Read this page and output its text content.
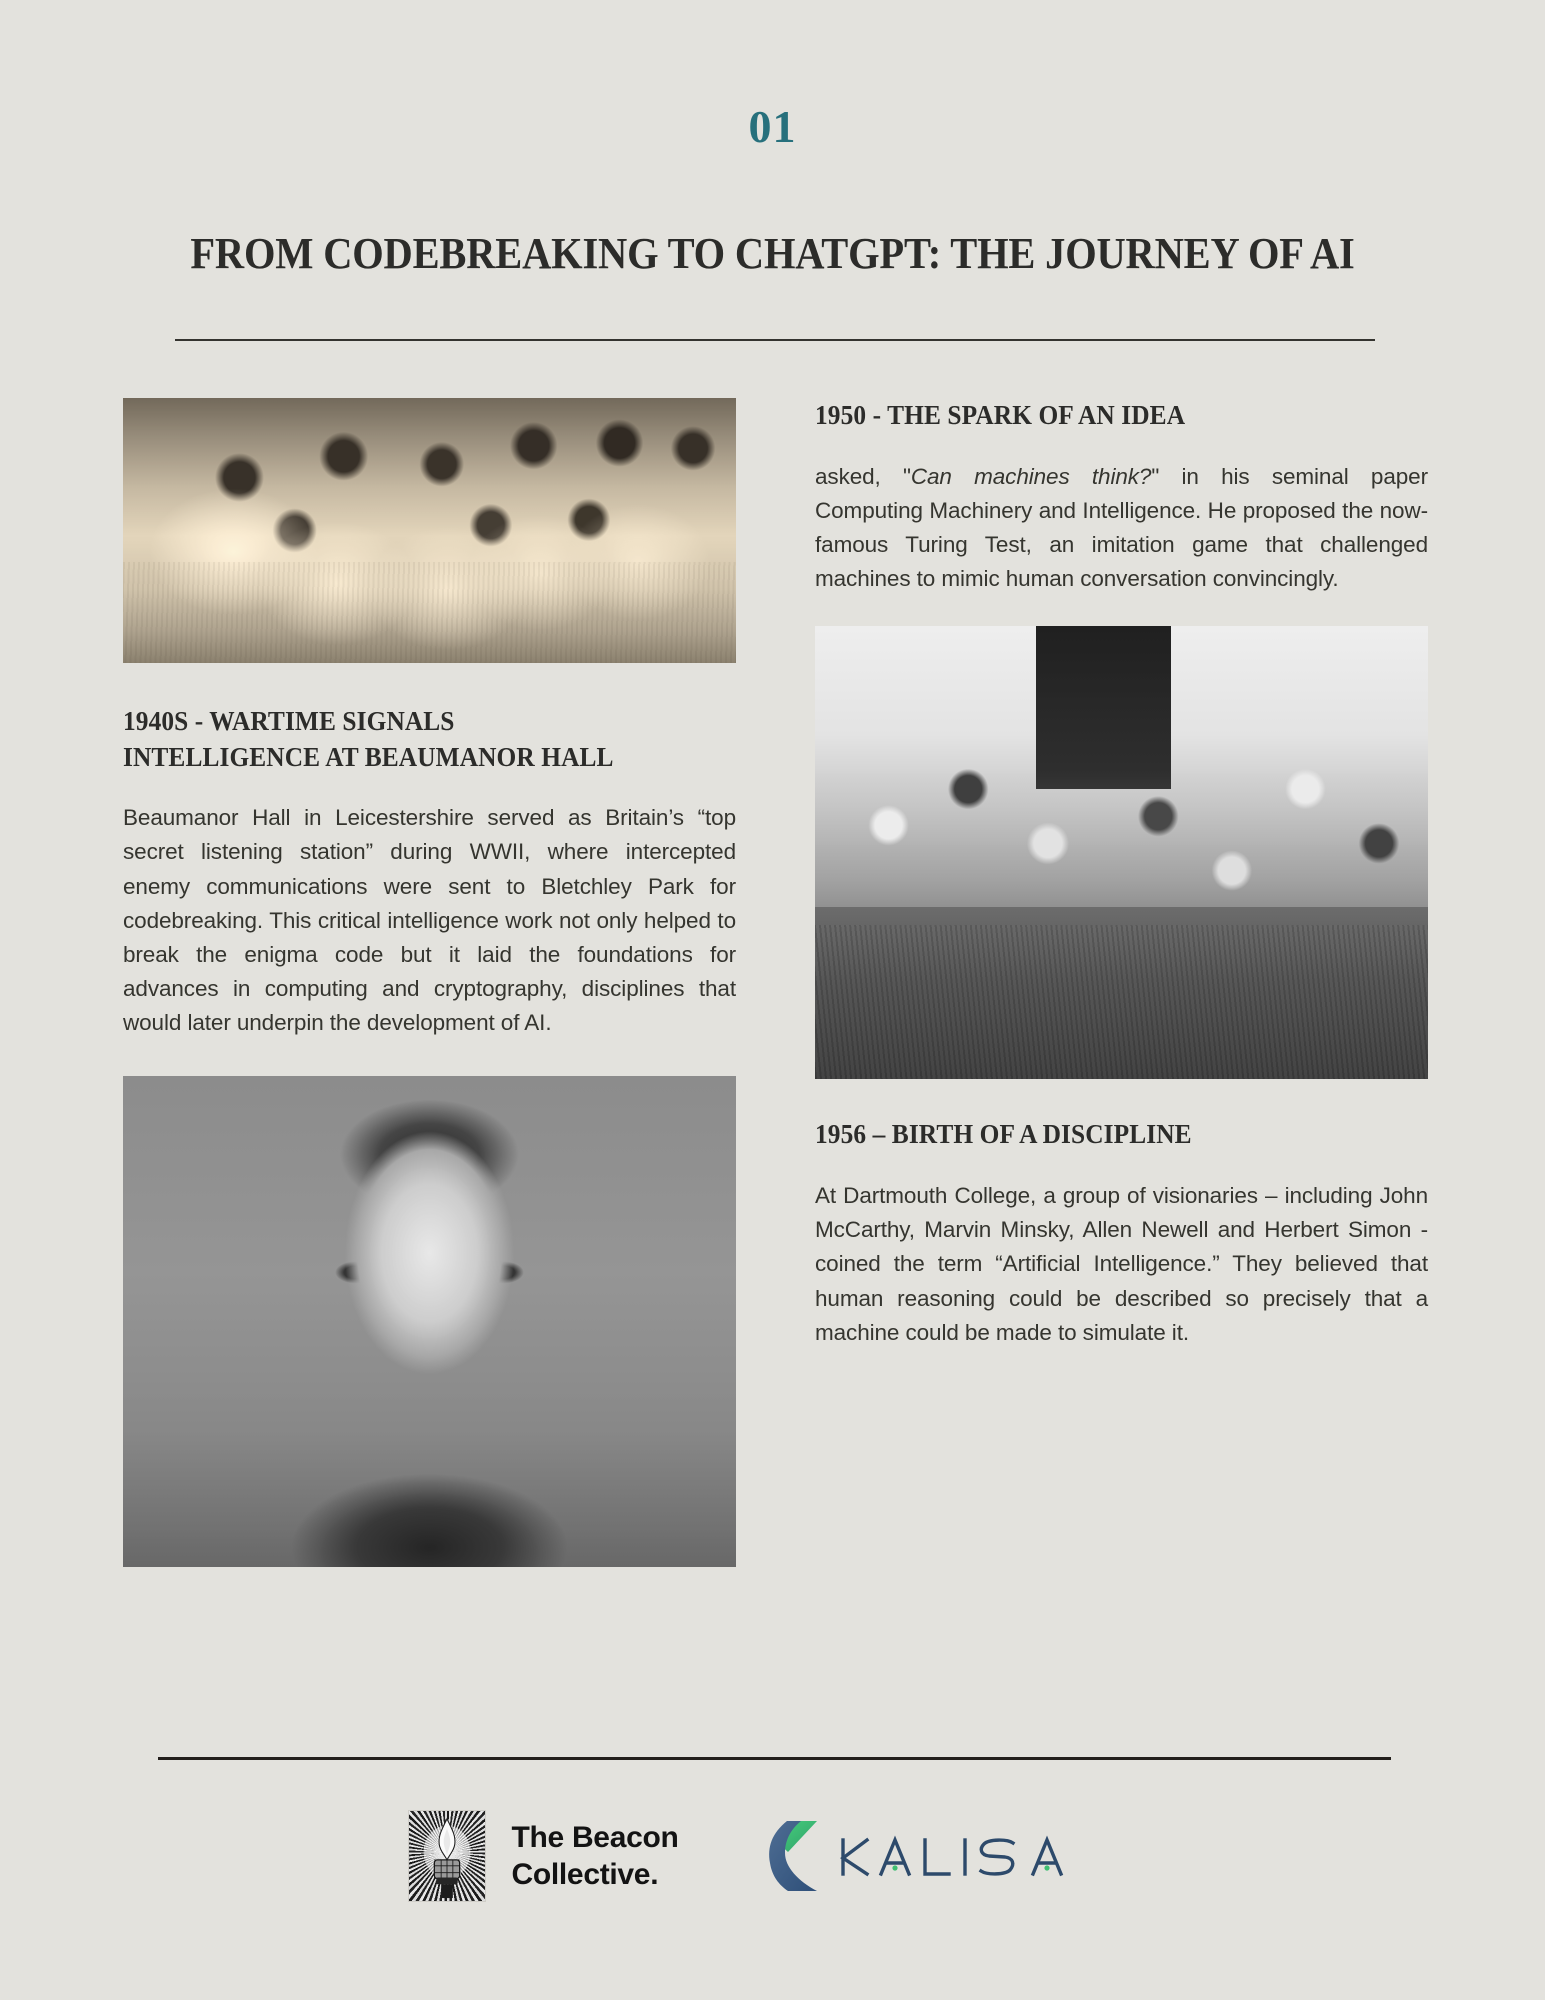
01
FROM CODEBREAKING TO CHATGPT: THE JOURNEY OF AI
1940S - WARTIME SIGNALS
INTELLIGENCE AT BEAUMANOR HALL

Beaumanor Hall in Leicestershire served as Britain’s “top secret listening station” during WWII, where intercepted enemy communications were sent to Bletchley Park for codebreaking. This critical intelligence work not only helped to break the enigma code but it laid the foundations for advances in computing and cryptography, disciplines that would later underpin the development of AI.

1950 - THE SPARK OF AN IDEA

asked, "Can machines think?" in his seminal paper Computing Machinery and Intelligence. He proposed the now-famous Turing Test, an imitation game that challenged machines to mimic human conversation convincingly.

1956 – BIRTH OF A DISCIPLINE

At Dartmouth College, a group of visionaries – including John McCarthy, Marvin Minsky, Allen Newell and Herbert Simon - coined the term “Artificial Intelligence.” They believed that human reasoning could be described so precisely that a machine could be made to simulate it.

The Beacon
Collective.
